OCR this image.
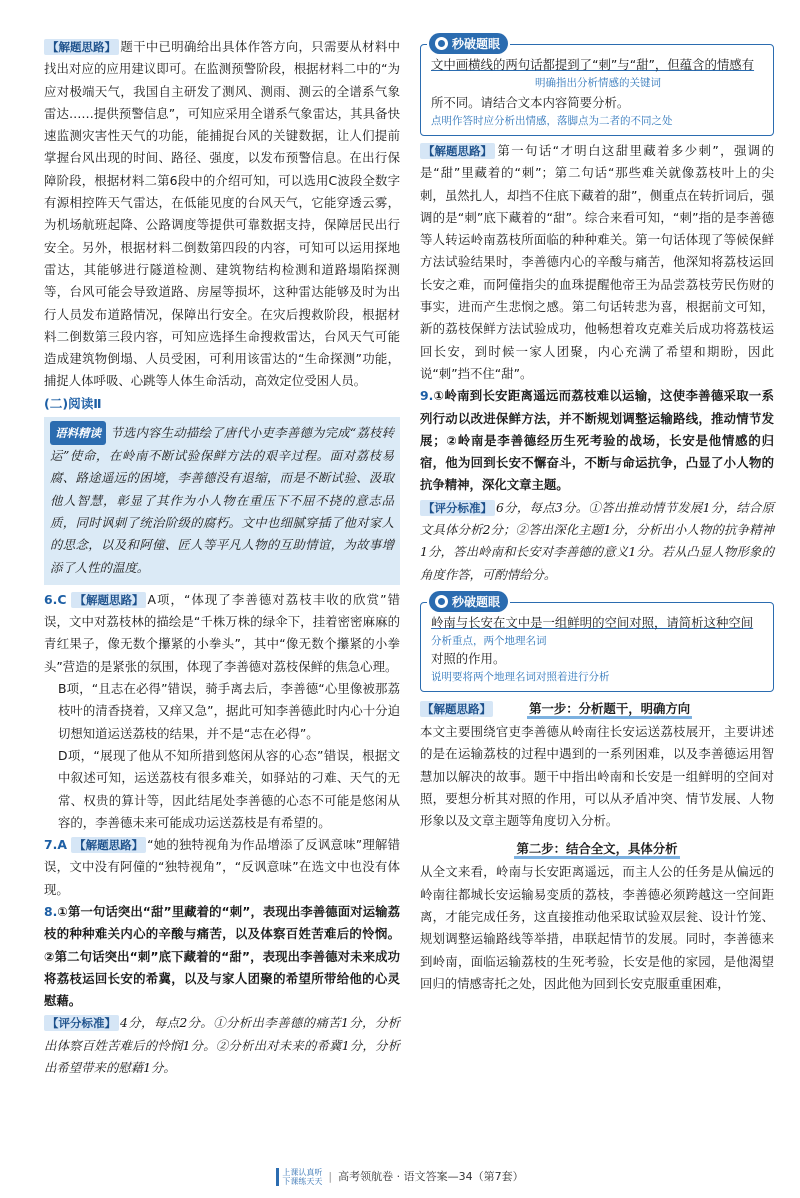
【解题思路】 题干中已明确给出具体作答方向，只需要从材料中找出对应的应用建议即可。在监测预警阶段，根据材料二中的“为应对极端天气，我国自主研发了测风、测雨、测云的全谱系气象雷达……提供预警信息”，可知应采用全谱系气象雷达，其具备快速监测灾害性天气的功能，能捕捉台风的关键数据，让人们提前掌握台风出现的时间、路径、强度，以发布预警信息。在出行保障阶段，根据材料二第6段中的介绍可知，可以选用C波段全数字有源相控阵天气雷达，在低能见度的台风天气，它能穿透云雾，为机场航班起降、公路调度等提供可靠数据支持，保障居民出行安全。另外，根据材料二倒数第四段的内容，可知可以运用探地雷达，其能够进行隧道检测、建筑物结构检测和道路塌陷探测等，台风可能会导致道路、房屋等损坏，这种雷达能够及时为出行人员发布道路情况，保障出行安全。在灾后搜救阶段，根据材料二倒数第三段内容，可知应选择生命搜救雷达，台风天气可能造成建筑物倒塌、人员受困，可利用该雷达的“生命探测”功能，捕捉人体呼吸、心跳等人体生命活动，高效定位受困人员。

(二)阅读Ⅱ

语料精读 节选内容生动描绘了唐代小吏李善德为完成“荔枝转运”使命，在岭南不断试验保鲜方法的艰辛过程。面对荔枝易腐、路途遥远的困境，李善德没有退缩，而是不断试验、汲取他人智慧，彰显了其作为小人物在重压下不屈不挠的意志品质，同时讽刺了统治阶级的腐朽。文中也细腻穿插了他对家人的思念，以及和阿僮、匠人等平凡人物的互助情谊，为故事增添了人性的温度。

6.C 【解题思路】 A项，“体现了李善德对荔枝丰收的欣赏”错误，文中对荔枝林的描绘是“千株万株的绿伞下，挂着密密麻麻的青红果子，像无数个攥紧的小拳头”，其中“像无数个攥紧的小拳头”营造的是紧张的氛围，体现了李善德对荔枝保鲜的焦急心理。

B项，“且志在必得”错误，骑手离去后，李善德“心里像被那荔枝叶的清香挠着，又痒又急”，据此可知李善德此时内心十分迫切想知道运送荔枝的结果，并不是“志在必得”。

D项，“展现了他从不知所措到悠闲从容的心态”错误，根据文中叙述可知，运送荔枝有很多难关，如驿站的刁难、天气的无常、权贵的算计等，因此结尾处李善德的心态不可能是悠闲从容的，李善德未来可能成功运送荔枝是有希望的。

7.A 【解题思路】 “她的独特视角为作品增添了反讽意味”理解错误，文中没有阿僮的“独特视角”，“反讽意味”在选文中也没有体现。

8.①第一句话突出“甜”里藏着的“刺”，表现出李善德面对运输荔枝的种种难关内心的辛酸与痛苦，以及体察百姓苦难后的怜悯。②第二句话突出“刺”底下藏着的“甜”，表现出李善德对未来成功将荔枝运回长安的希冀，以及与家人团聚的希望所带给他的心灵慰藉。

【评分标准】 4分，每点2分。①分析出李善德的痛苦1分，分析出体察百姓苦难后的怜悯1分。②分析出对未来的希冀1分，分析出希望带来的慰藉1分。

秒破题眼

文中画横线的两句话都提到了“刺”与“甜”，但蕴含的情感有

明确指出分析情感的关键词

所不同。请结合文本内容简要分析。

点明作答时应分析出情感，落脚点为二者的不同之处

【解题思路】 第一句话“才明白这甜里藏着多少刺”，强调的是“甜”里藏着的“刺”；第二句话“那些难关就像荔枝叶上的尖刺，虽然扎人，却挡不住底下藏着的甜”，侧重点在转折词后，强调的是“刺”底下藏着的“甜”。综合来看可知，“刺”指的是李善德等人转运岭南荔枝所面临的种种难关。第一句话体现了等候保鲜方法试验结果时，李善德内心的辛酸与痛苦，他深知将荔枝运回长安之难，而阿僮指尖的血珠提醒他帝王为品尝荔枝劳民伤财的事实，进而产生悲悯之感。第二句话转悲为喜，根据前文可知，新的荔枝保鲜方法试验成功，他畅想着攻克难关后成功将荔枝运回长安，到时候一家人团聚，内心充满了希望和期盼，因此说“刺”挡不住“甜”。

9.①岭南到长安距离遥远而荔枝难以运输，这使李善德采取一系列行动以改进保鲜方法，并不断规划调整运输路线，推动情节发展；②岭南是李善德经历生死考验的战场，长安是他情感的归宿，他为回到长安不懈奋斗，不断与命运抗争，凸显了小人物的抗争精神，深化文章主题。

【评分标准】 6分，每点3分。①答出推动情节发展1分，结合原文具体分析2分；②答出深化主题1分，分析出小人物的抗争精神1分，答出岭南和长安对李善德的意义1分。若从凸显人物形象的角度作答，可酌情给分。

秒破题眼

岭南与长安在文中是一组鲜明的空间对照，请简析这种空间

分析重点，两个地理名词

对照的作用。

说明要将两个地理名词对照着进行分析

【解题思路】	第一步：分析题干，明确方向

本文主要围绕官吏李善德从岭南往长安运送荔枝展开，主要讲述的是在运输荔枝的过程中遇到的一系列困难，以及李善德运用智慧加以解决的故事。题干中指出岭南和长安是一组鲜明的空间对照，要想分析其对照的作用，可以从矛盾冲突、情节发展、人物形象以及文章主题等角度切入分析。

第二步：结合全文，具体分析

从全文来看，岭南与长安距离遥远，而主人公的任务是从偏远的岭南往都城长安运输易变质的荔枝，李善德必须跨越这一空间距离，才能完成任务，这直接推动他采取试验双层瓮、设计竹笼、规划调整运输路线等举措，串联起情节的发展。同时，李善德来到岭南，面临运输荔枝的生死考验，长安是他的家园，是他渴望回归的情感寄托之处，因此他为回到长安克服重重困难，

上课认真听
下课练天天 | 高考领航卷 · 语文答案—34（第7套）
